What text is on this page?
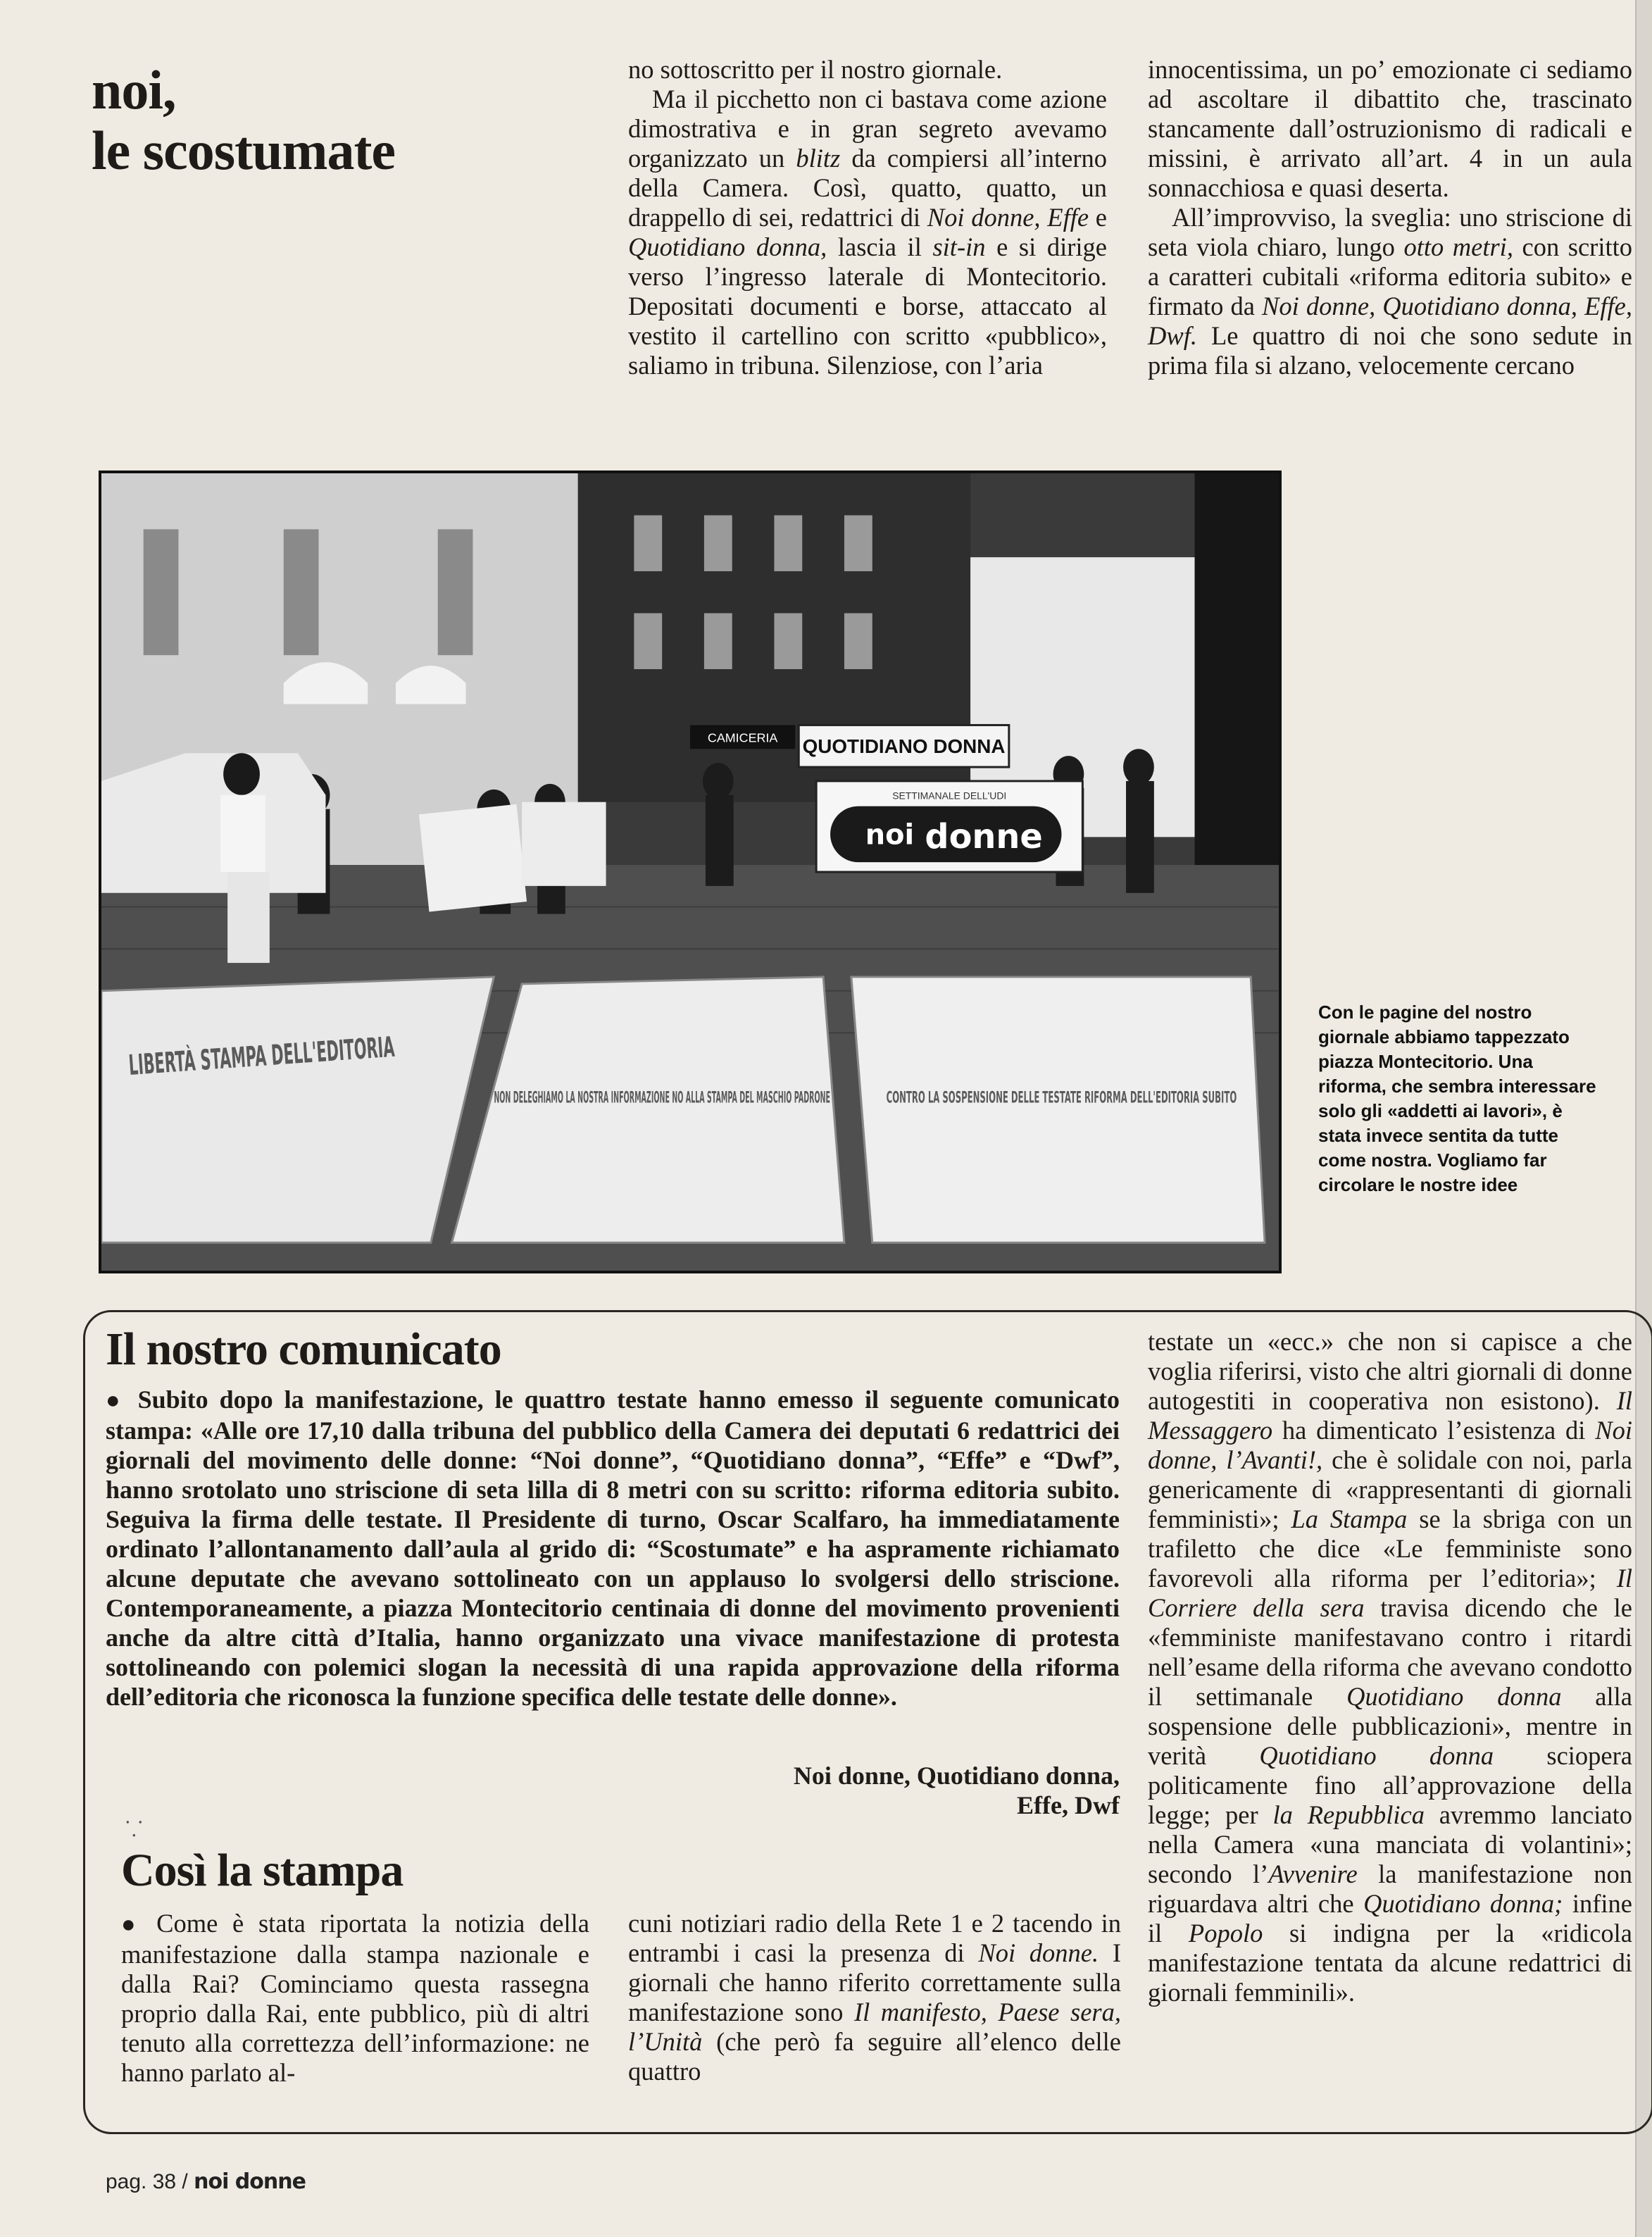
noi,
le scostumate

no sottoscritto per il nostro giornale.

Ma il picchetto non ci bastava come azione dimostrativa e in gran segreto avevamo organizzato un blitz da compiersi all’interno della Camera. Così, quatto, quatto, un drappello di sei, redattrici di Noi donne, Effe e Quotidiano donna, lascia il sit-in e si dirige verso l’ingresso laterale di Montecitorio. Depositati documenti e borse, attaccato al vestito il cartellino con scritto «pubblico», saliamo in tribuna. Silenziose, con l’aria

innocentissima, un po’ emozionate ci sediamo ad ascoltare il dibattito che, trascinato stancamente dall’ostruzionismo di radicali e missini, è arrivato all’art. 4 in un aula sonnacchiosa e quasi deserta.

All’improvviso, la sveglia: uno striscione di seta viola chiaro, lungo otto metri, con scritto a caratteri cubitali «riforma editoria subito» e firmato da Noi donne, Quotidiano donna, Effe, Dwf. Le quattro di noi che sono sedute in prima fila si alzano, velocemente cercano

CAMICERIA QUOTIDIANO DONNA
SETTIMANALE DELL'UDI
noi donne
LIBERTÀ STAMPA DELL'EDITORIA
NON DELEGHIAMO LA NOSTRA INFORMAZIONE NO ALLA STAMPA DEL MASCHIO PADRONE	CONTRO LA SOSPENSIONE DELLE TESTATE RIFORMA DELL'EDITORIA SUBITO
Con le pagine del nostro giornale abbiamo tappezzato piazza Montecitorio. Una riforma, che sembra interessare solo gli «addetti ai lavori», è stata invece sentita da tutte come nostra. Vogliamo far circolare le nostre idee
Il nostro comunicato

● Subito dopo la manifestazione, le quattro testate hanno emesso il seguente comunicato stampa: «Alle ore 17,10 dalla tribuna del pubblico della Camera dei deputati 6 redattrici dei giornali del movimento delle donne: “Noi donne”, “Quotidiano donna”, “Effe” e “Dwf”, hanno srotolato uno striscione di seta lilla di 8 metri con su scritto: riforma editoria subito. Seguiva la firma delle testate. Il Presidente di turno, Oscar Scalfaro, ha immediatamente ordinato l’allontanamento dall’aula al grido di: “Scostumate” e ha aspramente richiamato alcune deputate che avevano sottolineato con un applauso lo svolgersi dello striscione. Contemporaneamente, a piazza Montecitorio centinaia di donne del movimento provenienti anche da altre città d’Italia, hanno organizzato una vivace manifestazione di protesta sottolineando con polemici slogan la necessità di una rapida approvazione della riforma dell’editoria che riconosca la funzione specifica delle testate delle donne».

Noi donne, Quotidiano donna,
Effe, Dwf
⸪
Così la stampa

● Come è stata riportata la notizia della manifestazione dalla stampa nazionale e dalla Rai? Cominciamo questa rassegna proprio dalla Rai, ente pubblico, più di altri tenuto alla correttezza dell’informazione: ne hanno parlato al-

cuni notiziari radio della Rete 1 e 2 tacendo in entrambi i casi la presenza di Noi donne. I giornali che hanno riferito correttamente sulla manifestazione sono Il manifesto, Paese sera, l’Unità (che però fa seguire all’elenco delle quattro

testate un «ecc.» che non si capisce a che voglia riferirsi, visto che altri giornali di donne autogestiti in cooperativa non esistono). Il Messaggero ha dimenticato l’esistenza di Noi donne, l’Avanti!, che è solidale con noi, parla genericamente di «rappresentanti di giornali femministi»; La Stampa se la sbriga con un trafiletto che dice «Le femministe sono favorevoli alla riforma per l’editoria»; Il Corriere della sera travisa dicendo che le «femministe manifestavano contro i ritardi nell’esame della riforma che avevano condotto il settimanale Quotidiano donna alla sospensione delle pubblicazioni», mentre in verità Quotidiano donna sciopera politicamente fino all’approvazione della legge; per la Repubblica avremmo lanciato nella Camera «una manciata di volantini»; secondo l’Avvenire la manifestazione non riguardava altri che Quotidiano donna; infine il Popolo si indigna per la «ridicola manifestazione tentata da alcune redattrici di giornali femminili».

pag. 38 / noi donne
